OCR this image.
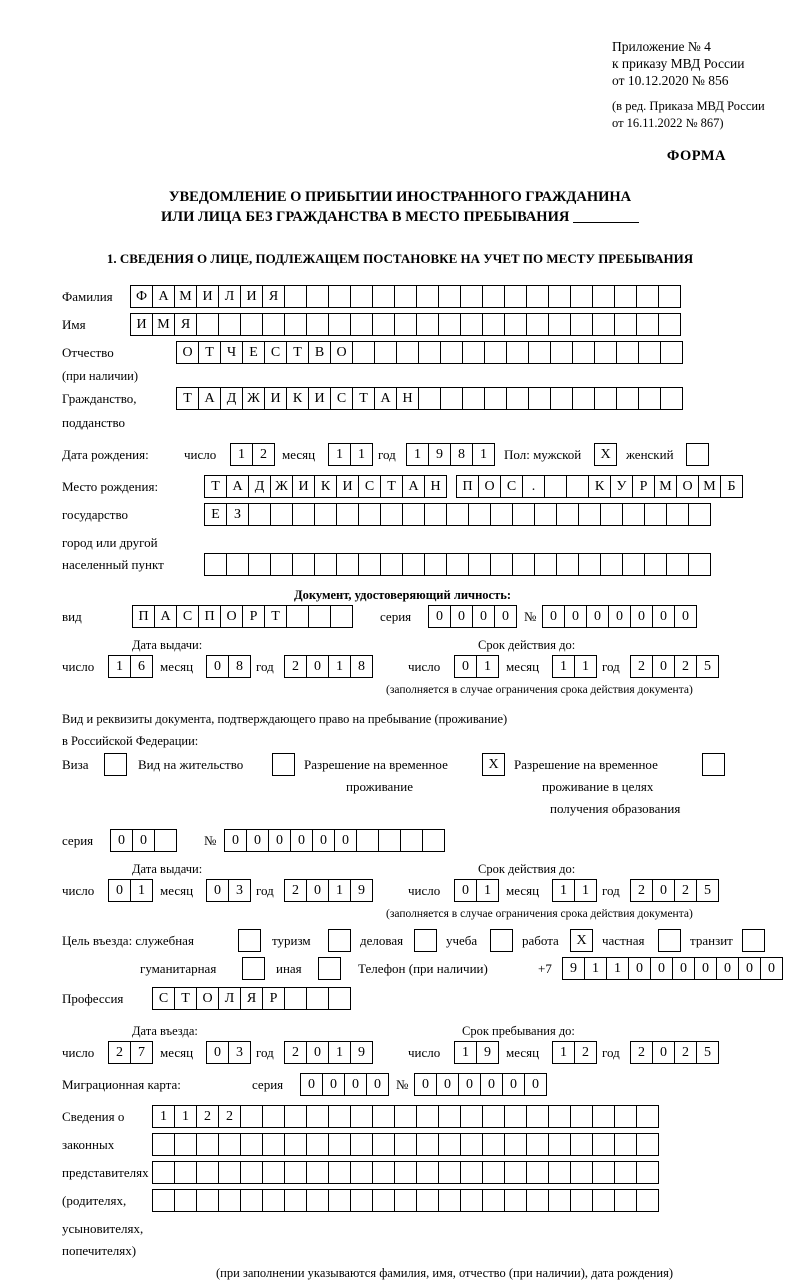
Приложение № 4
к приказу МВД России
от 10.12.2020 № 856
(в ред. Приказа МВД России
от 16.11.2022 № 867)
ФОРМА
УВЕДОМЛЕНИЕ О ПРИБЫТИИ ИНОСТРАННОГО ГРАЖДАНИНА
ИЛИ ЛИЦА БЕЗ ГРАЖДАНСТВА В МЕСТО ПРЕБЫВАНИЯ
1. СВЕДЕНИЯ О ЛИЦЕ, ПОДЛЕЖАЩЕМ ПОСТАНОВКЕ НА УЧЕТ ПО МЕСТУ ПРЕБЫВАНИЯ
Фамилия	Ф А М И Л И Я
Имя	И М Я
Отчество	О Т Ч Е С Т В О
(при наличии)
Гражданство,	Т А Д Ж И К И С Т А Н
подданство
Дата рождения:	число	1	2	месяц	1	1	год	1	9	8	1	Пол: мужской	Х	женский
Место рождения:	Т А Д Ж И К И С Т А Н	П О С	.	К У Р М О М Б
государство	Е	З
город или другой
населенный пункт
Документ, удостоверяющий личность:
вид	П А С П О Р Т	серия	0	0	0	0	№ 0	0	0	0	0	0	0
Дата выдачи:	Срок действия до:
число	1	6	месяц	0	8	год	2	0	1	8	число	0	1	месяц	1	1	год	2	0	2	5
(заполняется в случае ограничения срока действия документа)
Вид и реквизиты документа, подтверждающего право на пребывание (проживание)
в Российской Федерации:
Виза	Вид на жительство	Разрешение на временное	Х	Разрешение на временное
проживание	проживание в целях
получения образования
серия	0	0	№	0	0	0	0	0	0
Дата выдачи:	Срок действия до:
число	0	1	месяц	0	3	год	2	0	1	9	число	0	1	месяц	1	1	год	2	0	2	5
(заполняется в случае ограничения срока действия документа)
Цель въезда: служебная	туризм	деловая	учеба	работа	Х	частная	транзит
гуманитарная	иная	Телефон (при наличии)	+7	9	1	1	0	0	0	0	0	0	0
Профессия	С Т О Л Я Р
Дата въезда:	Срок пребывания до:
число	2	7	месяц	0	3	год	2	0	1	9	число	1	9	месяц	1	2	год	2	0	2	5
Миграционная карта:	серия	0	0	0	0	№ 0	0	0	0	0	0
Сведения о	1	1	2	2
законных
представителях
(родителях,
усыновителях,
попечителях)
(при заполнении указываются фамилия, имя, отчество (при наличии), дата рождения)
